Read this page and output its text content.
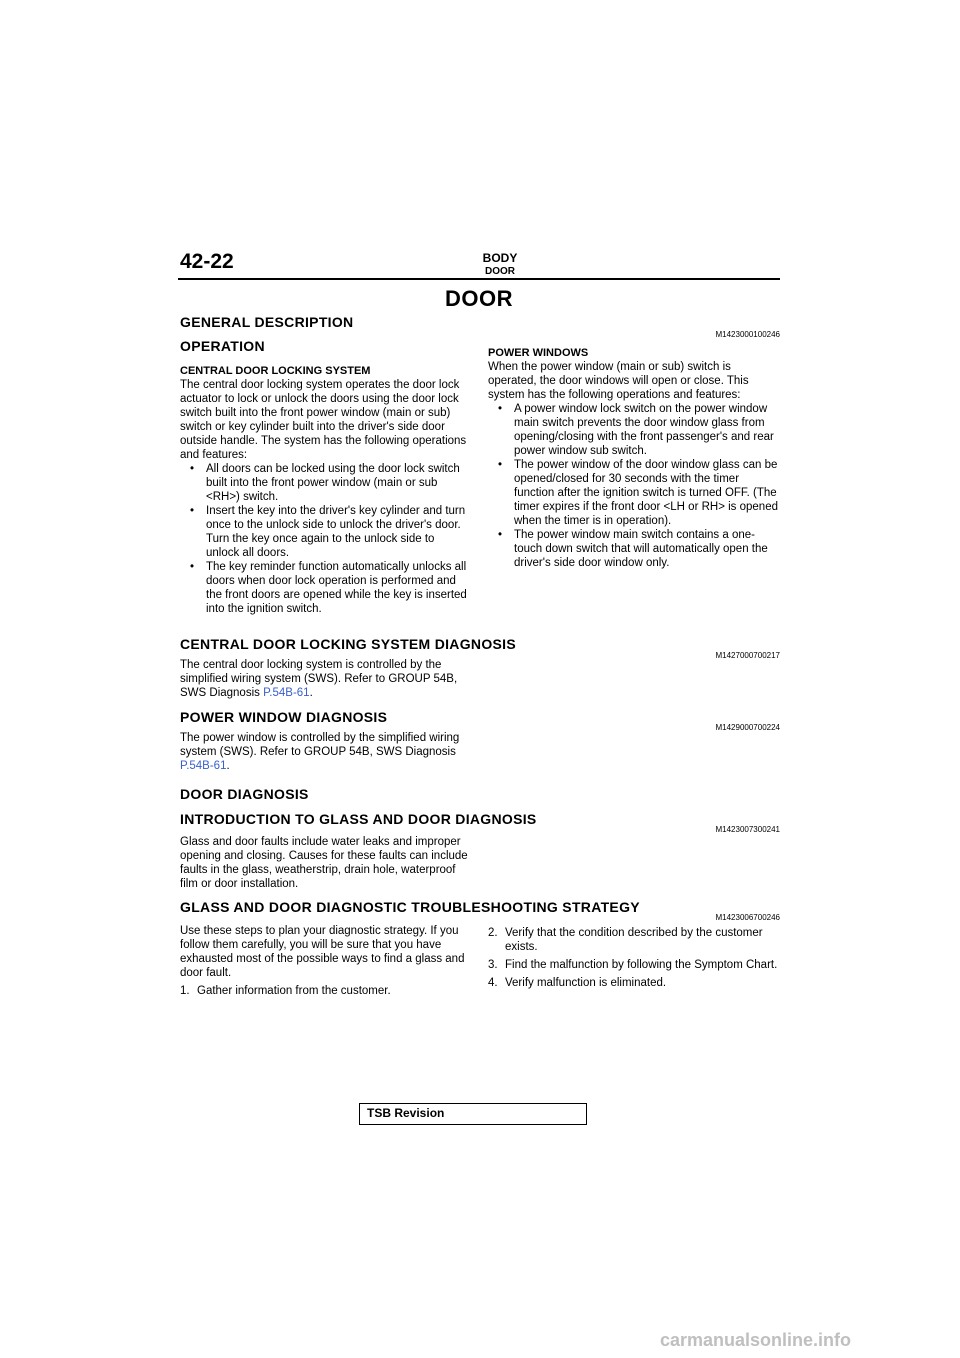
42-22	BODY
DOOR
DOOR
GENERAL DESCRIPTION
M1423000100246
OPERATION

CENTRAL DOOR LOCKING SYSTEM

The central door locking system operates the door lock actuator to lock or unlock the doors using the door lock switch built into the front power window (main or sub) switch or key cylinder built into the driver's side door outside handle. The system has the following operations and features:

• All doors can be locked using the door lock switch built into the front power window (main or sub <RH>) switch.

• Insert the key into the driver's key cylinder and turn once to the unlock side to unlock the driver's door. Turn the key once again to the unlock side to unlock all doors.

• The key reminder function automatically unlocks all doors when door lock operation is performed and the front doors are opened while the key is inserted into the ignition switch.

POWER WINDOWS

When the power window (main or sub) switch is operated, the door windows will open or close. This system has the following operations and features:

• A power window lock switch on the power window main switch prevents the door window glass from opening/closing with the front passenger's and rear power window sub switch.

• The power window of the door window glass can be opened/closed for 30 seconds with the timer function after the ignition switch is turned OFF. (The timer expires if the front door <LH or RH> is opened when the timer is in operation).

• The power window main switch contains a one-touch down switch that will automatically open the driver's side door window only.

CENTRAL DOOR LOCKING SYSTEM DIAGNOSIS
M1427000700217

The central door locking system is controlled by the simplified wiring system (SWS). Refer to GROUP 54B, SWS Diagnosis P.54B-61.

POWER WINDOW DIAGNOSIS
M1429000700224

The power window is controlled by the simplified wiring system (SWS). Refer to GROUP 54B, SWS Diagnosis P.54B-61.

DOOR DIAGNOSIS
INTRODUCTION TO GLASS AND DOOR DIAGNOSIS
M1423007300241

Glass and door faults include water leaks and improper opening and closing. Causes for these faults can include faults in the glass, weatherstrip, drain hole, waterproof film or door installation.

GLASS AND DOOR DIAGNOSTIC TROUBLESHOOTING STRATEGY
M1423006700246

Use these steps to plan your diagnostic strategy. If you follow them carefully, you will be sure that you have exhausted most of the possible ways to find a glass and door fault.

1. Gather information from the customer.

2. Verify that the condition described by the customer exists.

3. Find the malfunction by following the Symptom Chart.

4. Verify malfunction is eliminated.

TSB Revision
carmanualsonline.info
